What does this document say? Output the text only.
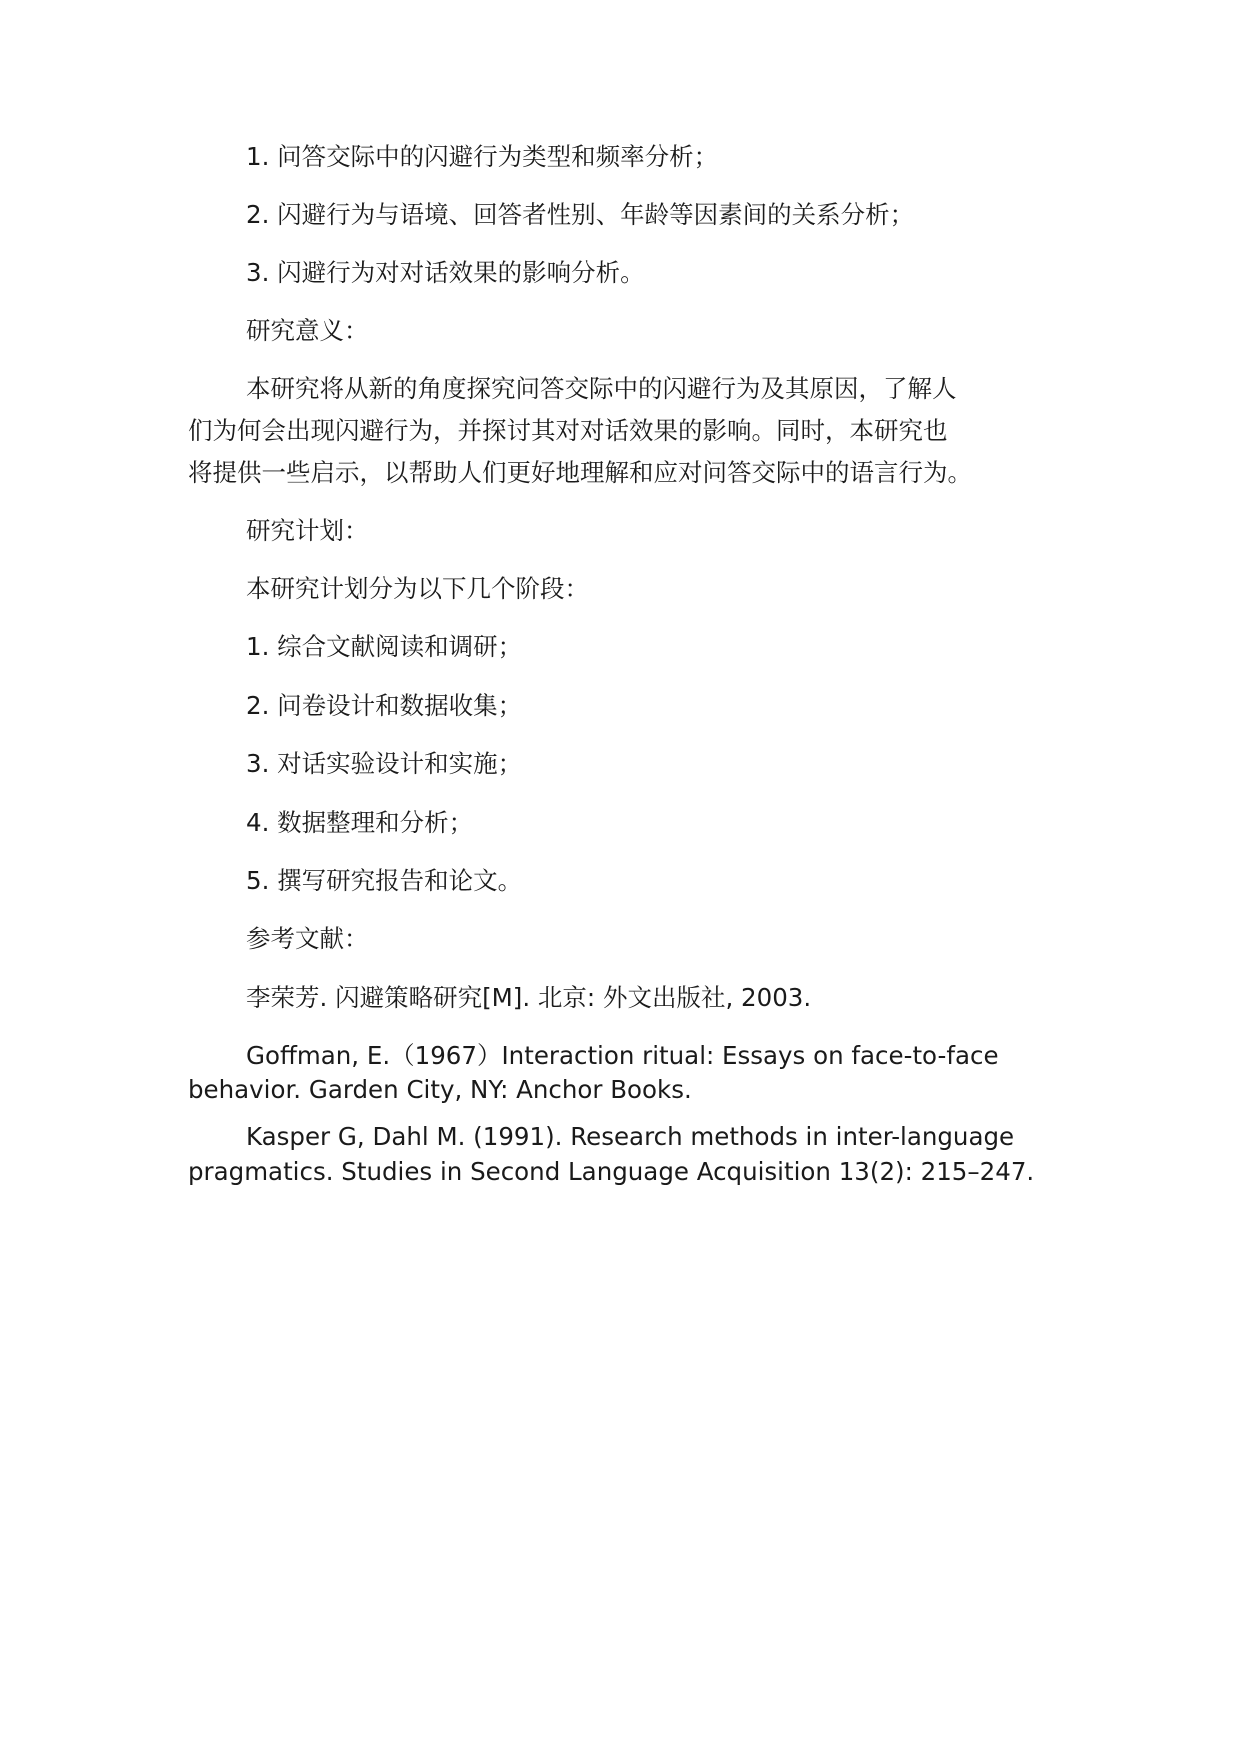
1. 问答交际中的闪避行为类型和频率分析；

2. 闪避行为与语境、回答者性别、年龄等因素间的关系分析；

3. 闪避行为对对话效果的影响分析。

研究意义：

本研究将从新的角度探究问答交际中的闪避行为及其原因，了解人

们为何会出现闪避行为，并探讨其对对话效果的影响。同时，本研究也

将提供一些启示，以帮助人们更好地理解和应对问答交际中的语言行为。

研究计划：

本研究计划分为以下几个阶段：

1. 综合文献阅读和调研；

2. 问卷设计和数据收集；

3. 对话实验设计和实施；

4. 数据整理和分析；

5. 撰写研究报告和论文。

参考文献：

李荣芳. 闪避策略研究[M]. 北京: 外文出版社, 2003.

Goffman, E.（1967）Interaction ritual: Essays on face-to-face

behavior. Garden City, NY: Anchor Books.

Kasper G, Dahl M. (1991). Research methods in inter-language

pragmatics. Studies in Second Language Acquisition 13(2): 215–247.
